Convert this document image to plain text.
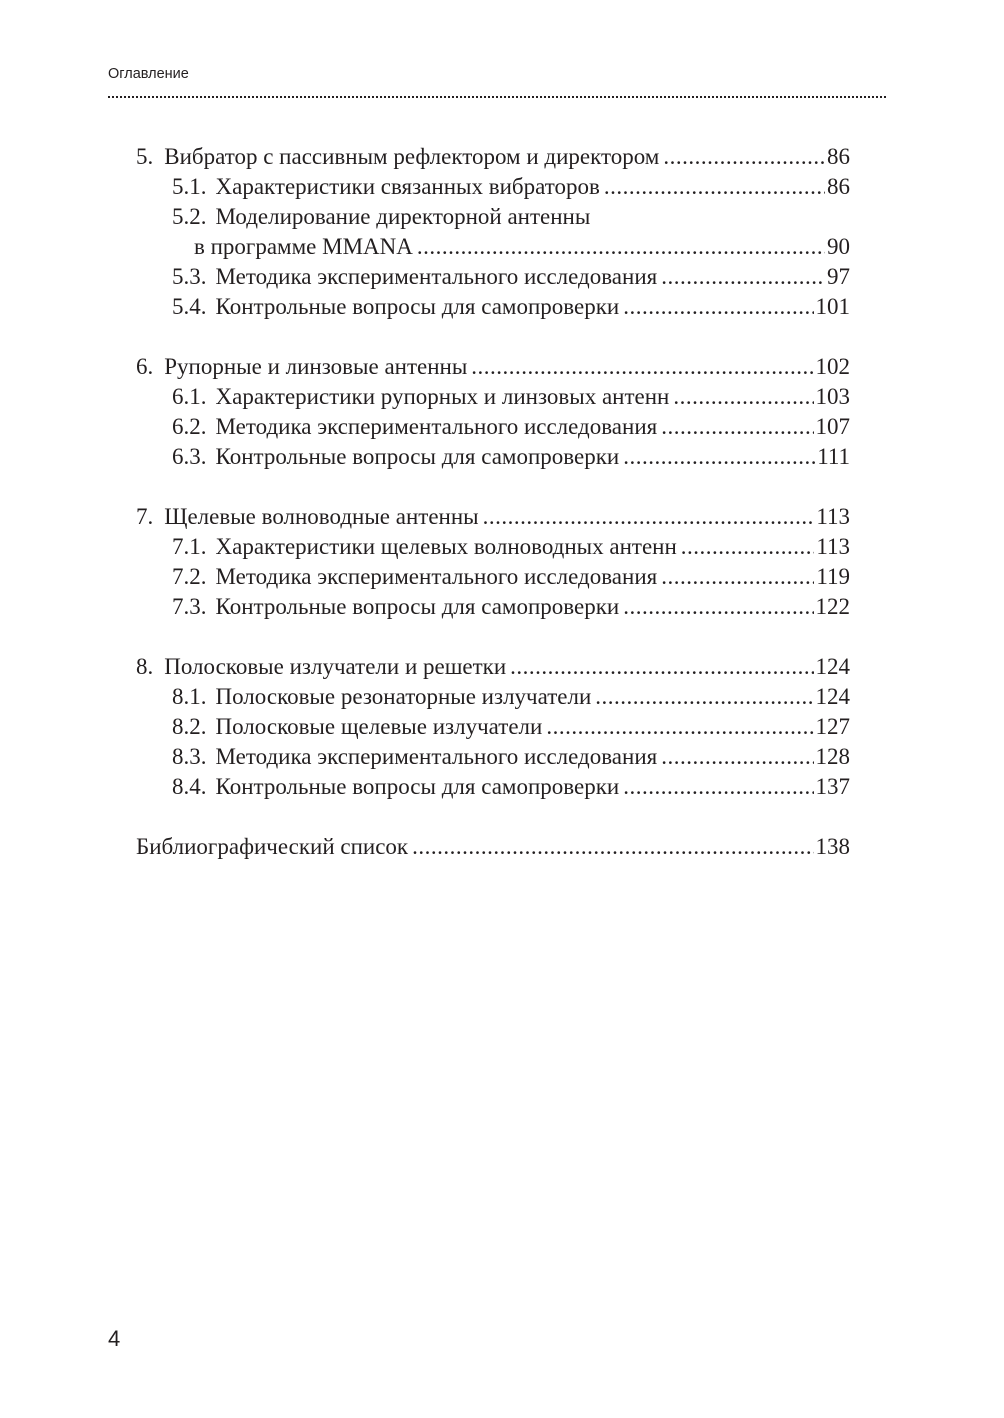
Оглавление
5. Вибратор с пассивным рефлектором и директором .....	86
5.1. Характеристики связанных вибраторов .....	86
5.2. Моделирование директорной антенны
в программе MMANA .....	90
5.3. Методика экспериментального исследования .....	97
5.4. Контрольные вопросы для самопроверки .....	101
6. Рупорные и линзовые антенны .....	102
6.1. Характеристики рупорных и линзовых антенн .....	103
6.2. Методика экспериментального исследования .....	107
6.3. Контрольные вопросы для самопроверки .....	111
7. Щелевые волноводные антенны .....	113
7.1. Характеристики щелевых волноводных антенн .....	113
7.2. Методика экспериментального исследования .....	119
7.3. Контрольные вопросы для самопроверки .....	122
8. Полосковые излучатели и решетки .....	124
8.1. Полосковые резонаторные излучатели .....	124
8.2. Полосковые щелевые излучатели .....	127
8.3. Методика экспериментального исследования .....	128
8.4. Контрольные вопросы для самопроверки .....	137
Библиографический список .....	138
4
